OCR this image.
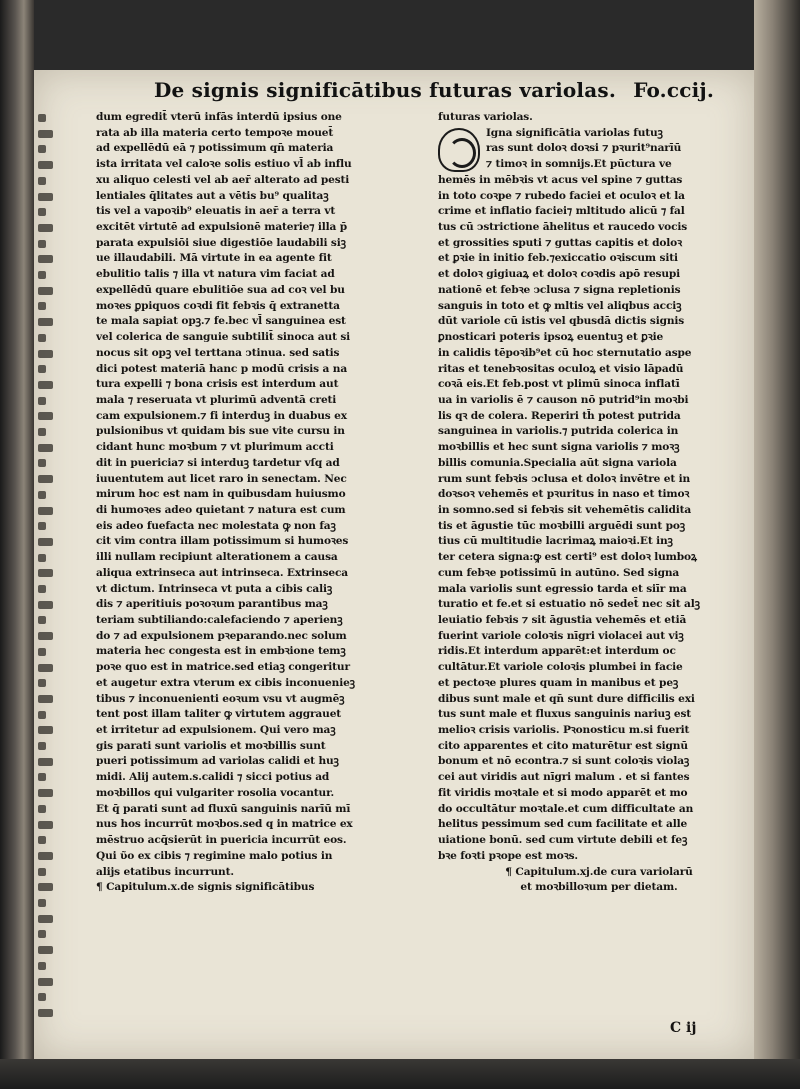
De signis significātibus futuras variolas. Fo.ccij.
dum egredit̄ vterū infās interdū ipsius one
rata ab illa materia certo tempoꝛe mouet̄
ad expellēdū eā ⁊ potissimum qn̄ materia
ista irritata vel caloꝛe solis estiuo vl̄ ab influ
xu aliquo celesti vel ab aer̄ alterato ad pesti
lentiales q̄litates aut a vētis bu⁹ qualitaꝫ
tis vel a vapoꝛib⁹ eleuatis in aer̄ a terra vt
excitēt virtutē ad expulsionē materie⁊ illa p̄
parata expulsiōi siue digestiōe laudabili siꝫ
ue illaudabili. Mā virtute in ea agente fit
ebulitio talis ⁊ illa vt natura vim faciat ad
expellēdū quare ebulitiōe sua ad coꝛ vel bu
moꝛes ꝑpiquos coꝛdi fit febꝛis q̄ extranetta
te mala sapiat opꝫ.⁊ fe.bec vl̄ sanguinea est
vel colerica de sanguie subtilit̄ sinoca aut si
nocus sit opꝫ vel terttana ↄtinua. sed satis
dici potest materiā hanc p modū crisis a na
tura expelli ⁊ bona crisis est interdum aut
mala ⁊ reseruata vt plurimū adventā creti
cam expulsionem.⁊ fi interduꝫ in duabus ex
pulsionibus vt quidam bis sue vite cursu in
cidant hunc moꝛbum ⁊ vt plurimum accti
dit in puericia⁊ si interduꝫ tardetur vſq ad
iuuentutem aut licet raro in senectam. Nec
mirum hoc est nam in quibusdam huiusmo
di humoꝛes adeo quietant ⁊ natura est cum
eis adeo fuefacta nec molestata ꝙ non faꝫ
cit vim contra illam potissimum si humoꝛes
illi nullam recipiunt alterationem a causa
aliqua extrinseca aut intrinseca. Extrinseca
vt dictum. Intrinseca vt puta a cibis caliꝫ
dis ⁊ aperitiuis poꝛoꝛum parantibus maꝫ
teriam subtiliando:calefaciendo ⁊ aperienꝫ
do ⁊ ad expulsionem pꝛeparando.nec solum
materia hec congesta est in embꝛione temꝫ
poꝛe quo est in matrice.sed etiaꝫ congeritur
et augetur extra vterum ex cibis inconuenieꝫ
tibus ⁊ inconuenienti eoꝛum vsu vt augmēꝫ
tent post illam taliter ꝙ virtutem aggrauet
et irritetur ad expulsionem. Qui vero maꝫ
gis parati sunt variolis et moꝛbillis sunt
pueri potissimum ad variolas calidi et huꝫ
midi. Alij autem.s.calidi ⁊ sicci potius ad
moꝛbillos qui vulgariter rosolia vocantur.
Et q̄ parati sunt ad fluxū sanguinis narīū mī
nus hos incurrūt moꝛbos.sed q in matrice ex
mēstruo acq̄sierūt in puericia incurrūt eos.
Qui ῦo ex cibis ⁊ regimine malo potius in
alijs etatibus incurrunt.
¶ Capitulum.x.de signis significātibus
futuras variolas.
Igna significātia variolas futuꝫ
ras sunt doloꝛ doꝛsi ⁊ pꝛurit⁹narīū
⁊ timoꝛ in somnijs.Et pūctura ve
hemēs in mēbꝛis vt acus vel spine ⁊ guttas
in toto coꝛpe ⁊ rubedo faciei et oculoꝛ et la
crime et inflatio faciei⁊ mltitudo alicū ⁊ fal
tus cū ↄstrictione āhelitus et raucedo vocis
et grossities sputi ⁊ guttas capitis et doloꝛ
et ꝑꝛie in initio feb.⁊exiccatio oꝛiscum siti
et doloꝛ gigiuaꝝ et doloꝛ coꝛdis apō resupi
nationē et febꝛe ↄclusa ⁊ signa repletionis
sanguis in toto et ꝙ mltis vel aliqbus acciꝫ
dūt variole cū istis vel qbusdā dictis signis
ꝑnosticari poteris ipsoꝝ euentuꝫ et ꝑꝛie
in calidis tēpoꝛib⁹et cū hoc sternutatio aspe
ritas et tenebꝛositas oculoꝝ et visio lāpadū
coꝛā eis.Et feb.post vt plimū sinoca inflatī
ua in variolis ē ⁊ causon nō putrid⁹in moꝛbi
lis qꝛ de colera. Reperiri th̄ potest putrida
sanguinea in variolis.⁊ putrida colerica in
moꝛbillis et hec sunt signa variolis ⁊ moꝛꝫ
billis comunia.Specialia aūt signa variola
rum sunt febꝛis ↄclusa et doloꝛ invētre et in
doꝛsoꝛ vehemēs et pꝛuritus in naso et timoꝛ
in somno.sed si febꝛis sit vehemētis calidita
tis et āgustie tūc moꝛbilli arguēdi sunt poꝫ
tius cū multitudie lacrimaꝝ maioꝛi.Et inꝫ
ter cetera signa:ꝙ est certi⁹ est doloꝛ lumboꝝ
cum febꝛe potissimū in autūno. Sed signa
mala variolis sunt egressio tarda et siīr ma
turatio et fe.et si estuatio nō sedet̄ nec sit alꝫ
leuiatio febꝛis ⁊ sit āgustia vehemēs et etiā
fuerint variole coloꝛis nīgri violacei aut viꝫ
ridis.Et interdum apparēt:et interdum oc
cultātur.Et variole coloꝛis plumbei in facie
et pectoꝛe plures quam in manibus et peꝫ
dibus sunt male et qn̄ sunt dure difficilis exi
tus sunt male et fluxus sanguinis nariuꝫ est
melioꝛ crisis variolis. Pꝛonosticu m.si fuerit
cito apparentes et cito maturētur est signū
bonum et nō econtra.⁊ si sunt coloꝛis violaꝫ
cei aut viridis aut nīgri malum . et si fantes
fit viridis moꝛtale et si modo apparēt et mo
do occultātur moꝛtale.et cum difficultate an
helitus pessimum sed cum facilitate et alle
uiatione bonū. sed cum virtute debili et feꝫ
bꝛe foꝛti pꝛope est moꝛs.
¶ Capitulum.xj.de cura variolarū
et moꝛbilloꝛum per dietam.
C ij
